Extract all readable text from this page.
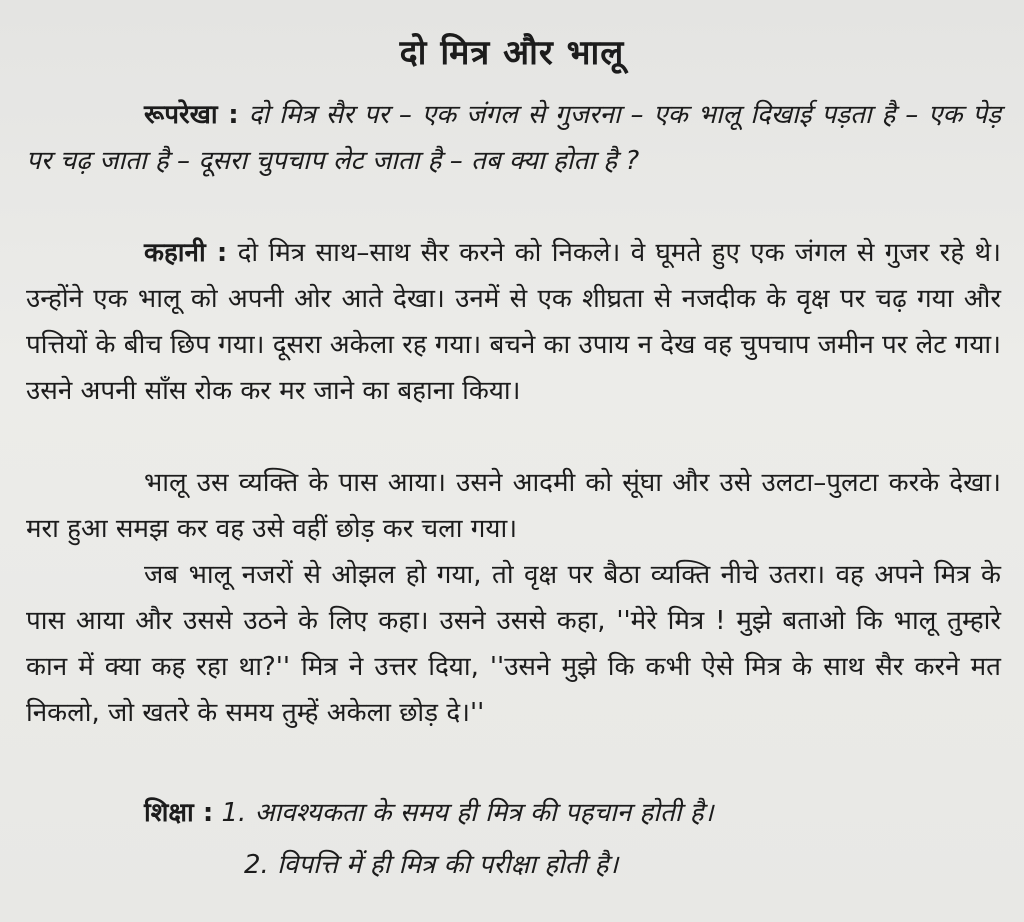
दो मित्र और भालू
रूपरेखा : दो मित्र सैर पर – एक जंगल से गुजरना – एक भालू दिखाई पड़ता है – एक पेड़ पर चढ़ जाता है – दूसरा चुपचाप लेट जाता है – तब क्या होता है ?
कहानी : दो मित्र साथ–साथ सैर करने को निकले। वे घूमते हुए एक जंगल से गुजर रहे थे। उन्होंने एक भालू को अपनी ओर आते देखा। उनमें से एक शीघ्रता से नजदीक के वृक्ष पर चढ़ गया और पत्तियों के बीच छिप गया। दूसरा अकेला रह गया। बचने का उपाय न देख वह चुपचाप जमीन पर लेट गया। उसने अपनी साँस रोक कर मर जाने का बहाना किया।
भालू उस व्यक्ति के पास आया। उसने आदमी को सूंघा और उसे उलटा–पुलटा करके देखा। मरा हुआ समझ कर वह उसे वहीं छोड़ कर चला गया।
जब भालू नजरों से ओझल हो गया, तो वृक्ष पर बैठा व्यक्ति नीचे उतरा। वह अपने मित्र के पास आया और उससे उठने के लिए कहा। उसने उससे कहा, ''मेरे मित्र ! मुझे बताओ कि भालू तुम्हारे कान में क्या कह रहा था?'' मित्र ने उत्तर दिया, ''उसने मुझे कि कभी ऐसे मित्र के साथ सैर करने मत निकलो, जो खतरे के समय तुम्हें अकेला छोड़ दे।''
शिक्षा : 1. आवश्यकता के समय ही मित्र की पहचान होती है।
2. विपत्ति में ही मित्र की परीक्षा होती है।
